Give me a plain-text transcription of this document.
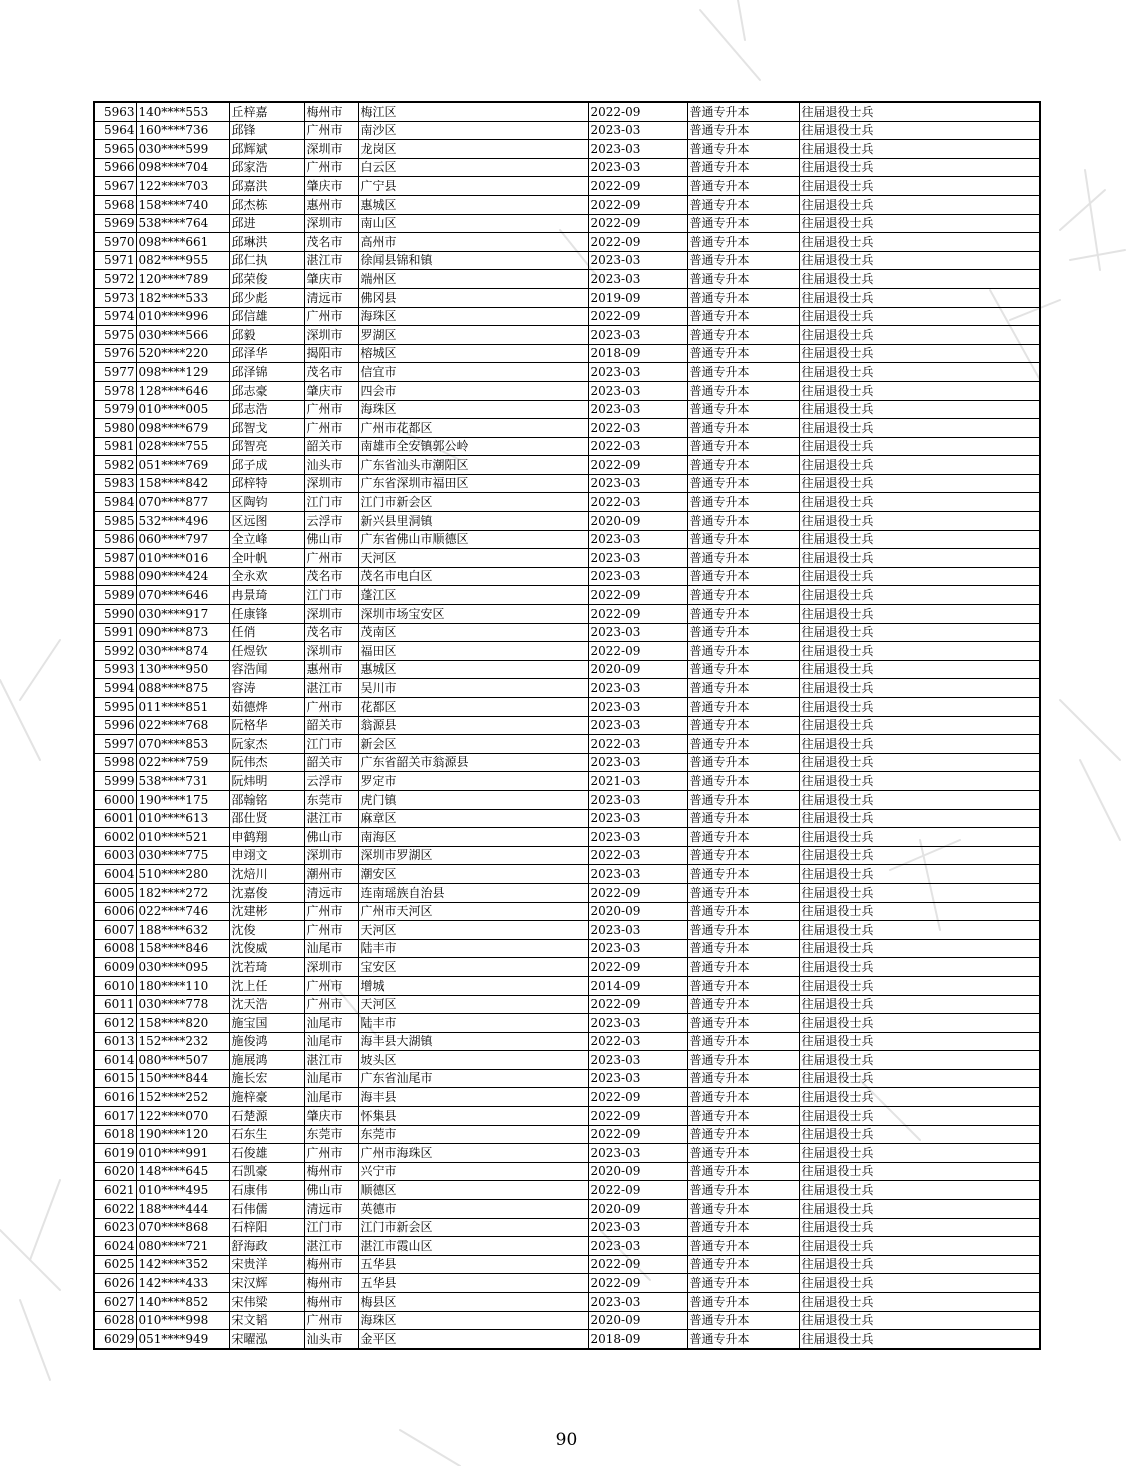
5963	140****553	丘梓嘉	梅州市	梅江区	2022-09	普通专升本	往届退役士兵
5964	160****736	邱锋	广州市	南沙区	2023-03	普通专升本	往届退役士兵
5965	030****599	邱辉斌	深圳市	龙岗区	2023-03	普通专升本	往届退役士兵
5966	098****704	邱家浩	广州市	白云区	2023-03	普通专升本	往届退役士兵
5967	122****703	邱嘉洪	肇庆市	广宁县	2022-09	普通专升本	往届退役士兵
5968	158****740	邱杰栋	惠州市	惠城区	2022-09	普通专升本	往届退役士兵
5969	538****764	邱进	深圳市	南山区	2022-09	普通专升本	往届退役士兵
5970	098****661	邱琳洪	茂名市	高州市	2022-09	普通专升本	往届退役士兵
5971	082****955	邱仁执	湛江市	徐闻县锦和镇	2023-03	普通专升本	往届退役士兵
5972	120****789	邱荣俊	肇庆市	端州区	2023-03	普通专升本	往届退役士兵
5973	182****533	邱少彪	清远市	佛冈县	2019-09	普通专升本	往届退役士兵
5974	010****996	邱信雄	广州市	海珠区	2022-09	普通专升本	往届退役士兵
5975	030****566	邱毅	深圳市	罗湖区	2023-03	普通专升本	往届退役士兵
5976	520****220	邱泽华	揭阳市	榕城区	2018-09	普通专升本	往届退役士兵
5977	098****129	邱泽锦	茂名市	信宜市	2023-03	普通专升本	往届退役士兵
5978	128****646	邱志豪	肇庆市	四会市	2023-03	普通专升本	往届退役士兵
5979	010****005	邱志浩	广州市	海珠区	2023-03	普通专升本	往届退役士兵
5980	098****679	邱智戈	广州市	广州市花都区	2022-03	普通专升本	往届退役士兵
5981	028****755	邱智亮	韶关市	南雄市全安镇郭公岭	2022-03	普通专升本	往届退役士兵
5982	051****769	邱子成	汕头市	广东省汕头市潮阳区	2022-09	普通专升本	往届退役士兵
5983	158****842	邱梓特	深圳市	广东省深圳市福田区	2023-03	普通专升本	往届退役士兵
5984	070****877	区陶钧	江门市	江门市新会区	2022-03	普通专升本	往届退役士兵
5985	532****496	区远图	云浮市	新兴县里洞镇	2020-09	普通专升本	往届退役士兵
5986	060****797	全立峰	佛山市	广东省佛山市顺德区	2023-03	普通专升本	往届退役士兵
5987	010****016	全叶帆	广州市	天河区	2023-03	普通专升本	往届退役士兵
5988	090****424	全永欢	茂名市	茂名市电白区	2023-03	普通专升本	往届退役士兵
5989	070****646	冉景琦	江门市	蓬江区	2022-09	普通专升本	往届退役士兵
5990	030****917	任康锋	深圳市	深圳市场宝安区	2022-09	普通专升本	往届退役士兵
5991	090****873	任俏	茂名市	茂南区	2023-03	普通专升本	往届退役士兵
5992	030****874	任煜钦	深圳市	福田区	2022-09	普通专升本	往届退役士兵
5993	130****950	容浩闻	惠州市	惠城区	2020-09	普通专升本	往届退役士兵
5994	088****875	容涛	湛江市	吴川市	2023-03	普通专升本	往届退役士兵
5995	011****851	茹德烨	广州市	花都区	2023-03	普通专升本	往届退役士兵
5996	022****768	阮格华	韶关市	翁源县	2023-03	普通专升本	往届退役士兵
5997	070****853	阮家杰	江门市	新会区	2022-03	普通专升本	往届退役士兵
5998	022****759	阮伟杰	韶关市	广东省韶关市翁源县	2023-03	普通专升本	往届退役士兵
5999	538****731	阮炜明	云浮市	罗定市	2021-03	普通专升本	往届退役士兵
6000	190****175	邵翰铭	东莞市	虎门镇	2023-03	普通专升本	往届退役士兵
6001	010****613	邵仕贤	湛江市	麻章区	2023-03	普通专升本	往届退役士兵
6002	010****521	申鹤翔	佛山市	南海区	2023-03	普通专升本	往届退役士兵
6003	030****775	申翊文	深圳市	深圳市罗湖区	2022-03	普通专升本	往届退役士兵
6004	510****280	沈焙川	潮州市	潮安区	2023-03	普通专升本	往届退役士兵
6005	182****272	沈嘉俊	清远市	连南瑶族自治县	2022-09	普通专升本	往届退役士兵
6006	022****746	沈建彬	广州市	广州市天河区	2020-09	普通专升本	往届退役士兵
6007	188****632	沈俊	广州市	天河区	2023-03	普通专升本	往届退役士兵
6008	158****846	沈俊威	汕尾市	陆丰市	2023-03	普通专升本	往届退役士兵
6009	030****095	沈若琦	深圳市	宝安区	2022-09	普通专升本	往届退役士兵
6010	180****110	沈上任	广州市	增城	2014-09	普通专升本	往届退役士兵
6011	030****778	沈天浩	广州市	天河区	2022-09	普通专升本	往届退役士兵
6012	158****820	施宝国	汕尾市	陆丰市	2023-03	普通专升本	往届退役士兵
6013	152****232	施俊鸿	汕尾市	海丰县大湖镇	2022-03	普通专升本	往届退役士兵
6014	080****507	施展鸿	湛江市	坡头区	2023-03	普通专升本	往届退役士兵
6015	150****844	施长宏	汕尾市	广东省汕尾市	2023-03	普通专升本	往届退役士兵
6016	152****252	施梓豪	汕尾市	海丰县	2022-09	普通专升本	往届退役士兵
6017	122****070	石楚源	肇庆市	怀集县	2022-09	普通专升本	往届退役士兵
6018	190****120	石东生	东莞市	东莞市	2022-09	普通专升本	往届退役士兵
6019	010****991	石俊雄	广州市	广州市海珠区	2023-03	普通专升本	往届退役士兵
6020	148****645	石凯豪	梅州市	兴宁市	2020-09	普通专升本	往届退役士兵
6021	010****495	石康伟	佛山市	顺德区	2022-09	普通专升本	往届退役士兵
6022	188****444	石伟儒	清远市	英德市	2020-09	普通专升本	往届退役士兵
6023	070****868	石梓阳	江门市	江门市新会区	2023-03	普通专升本	往届退役士兵
6024	080****721	舒海政	湛江市	湛江市霞山区	2023-03	普通专升本	往届退役士兵
6025	142****352	宋贵洋	梅州市	五华县	2022-09	普通专升本	往届退役士兵
6026	142****433	宋汉辉	梅州市	五华县	2022-09	普通专升本	往届退役士兵
6027	140****852	宋伟梁	梅州市	梅县区	2023-03	普通专升本	往届退役士兵
6028	010****998	宋文韬	广州市	海珠区	2020-09	普通专升本	往届退役士兵
6029	051****949	宋曜泓	汕头市	金平区	2018-09	普通专升本	往届退役士兵
90
